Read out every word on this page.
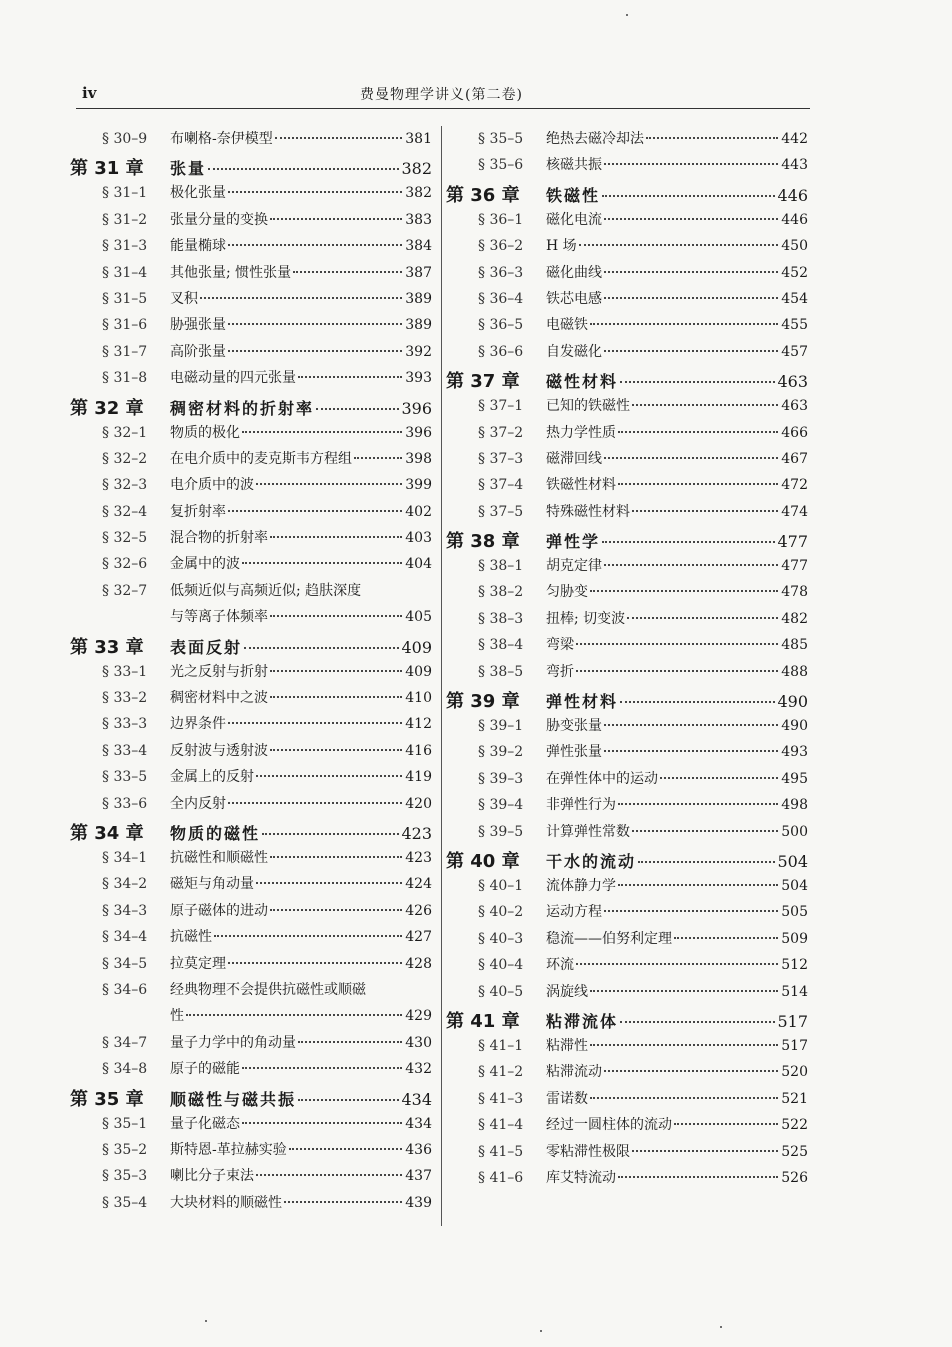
iv	费曼物理学讲义(第二卷)
§ 30–9	布喇格-奈伊模型	381
第 31 章	张量	382
§ 31–1	极化张量	382
§ 31–2	张量分量的变换	383
§ 31–3	能量椭球	384
§ 31–4	其他张量; 惯性张量	387
§ 31–5	叉积	389
§ 31–6	胁强张量	389
§ 31–7	高阶张量	392
§ 31–8	电磁动量的四元张量	393
第 32 章	稠密材料的折射率	396
§ 32–1	物质的极化	396
§ 32–2	在电介质中的麦克斯韦方程组	398
§ 32–3	电介质中的波	399
§ 32–4	复折射率	402
§ 32–5	混合物的折射率	403
§ 32–6	金属中的波	404
§ 32–7	低频近似与高频近似; 趋肤深度
与等离子体频率	405
第 33 章	表面反射	409
§ 33–1	光之反射与折射	409
§ 33–2	稠密材料中之波	410
§ 33–3	边界条件	412
§ 33–4	反射波与透射波	416
§ 33–5	金属上的反射	419
§ 33–6	全内反射	420
第 34 章	物质的磁性	423
§ 34–1	抗磁性和顺磁性	423
§ 34–2	磁矩与角动量	424
§ 34–3	原子磁体的进动	426
§ 34–4	抗磁性	427
§ 34–5	拉莫定理	428
§ 34–6	经典物理不会提供抗磁性或顺磁
性	429
§ 34–7	量子力学中的角动量	430
§ 34–8	原子的磁能	432
第 35 章	顺磁性与磁共振	434
§ 35–1	量子化磁态	434
§ 35–2	斯特恩-革拉赫实验	436
§ 35–3	喇比分子束法	437
§ 35–4	大块材料的顺磁性	439
§ 35–5	绝热去磁冷却法	442
§ 35–6	核磁共振	443
第 36 章	铁磁性	446
§ 36–1	磁化电流	446
§ 36–2	H 场	450
§ 36–3	磁化曲线	452
§ 36–4	铁芯电感	454
§ 36–5	电磁铁	455
§ 36–6	自发磁化	457
第 37 章	磁性材料	463
§ 37–1	已知的铁磁性	463
§ 37–2	热力学性质	466
§ 37–3	磁滞回线	467
§ 37–4	铁磁性材料	472
§ 37–5	特殊磁性材料	474
第 38 章	弹性学	477
§ 38–1	胡克定律	477
§ 38–2	匀胁变	478
§ 38–3	扭棒; 切变波	482
§ 38–4	弯梁	485
§ 38–5	弯折	488
第 39 章	弹性材料	490
§ 39–1	胁变张量	490
§ 39–2	弹性张量	493
§ 39–3	在弹性体中的运动	495
§ 39–4	非弹性行为	498
§ 39–5	计算弹性常数	500
第 40 章	干水的流动	504
§ 40–1	流体静力学	504
§ 40–2	运动方程	505
§ 40–3	稳流——伯努利定理	509
§ 40–4	环流	512
§ 40–5	涡旋线	514
第 41 章	粘滞流体	517
§ 41–1	粘滞性	517
§ 41–2	粘滞流动	520
§ 41–3	雷诺数	521
§ 41–4	经过一圆柱体的流动	522
§ 41–5	零粘滞性极限	525
§ 41–6	库艾特流动	526
